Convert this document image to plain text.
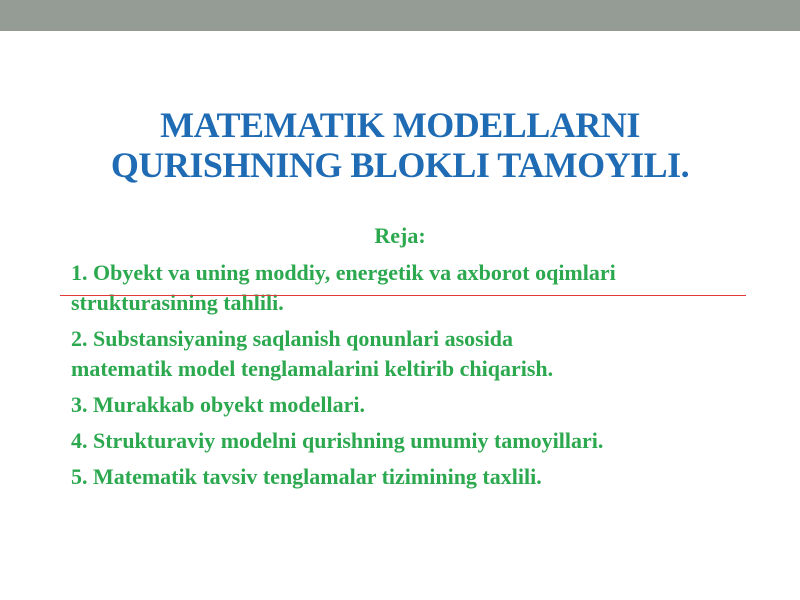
MATEMATIK MODELLARNI
QURISHNING BLOKLI TAMOYILI.
Reja:
1. Obyekt va uning moddiy, energetik va axborot oqimlari
strukturasining tahlili.
2. Substansiyaning saqlanish qonunlari asosida
matematik model tenglamalarini keltirib chiqarish.
3. Murakkab obyekt modellari.
4. Strukturaviy modelni qurishning umumiy tamoyillari.
5. Matematik tavsiv tenglamalar tizimining taxlili.
